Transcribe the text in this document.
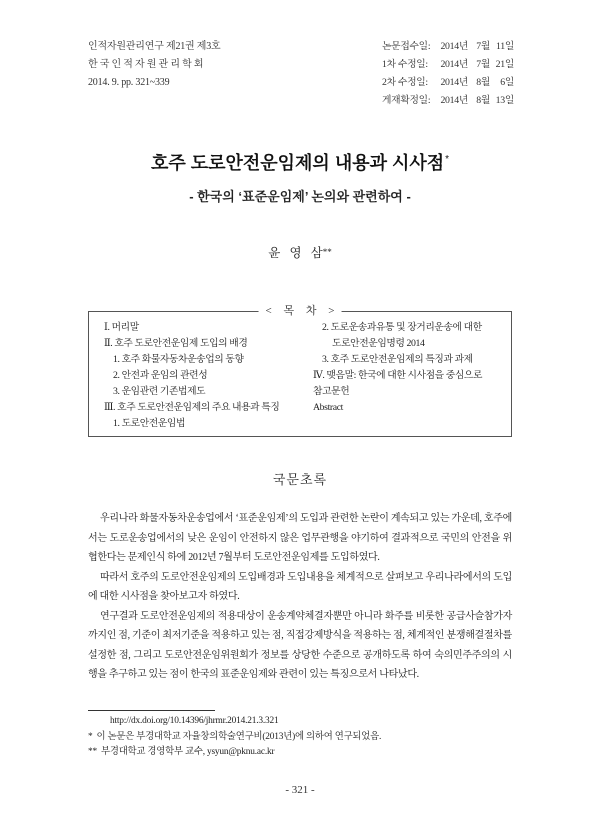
인적자원관리연구 제21권 제3호
한 국 인 적 자 원 관 리 학 회
2014. 9. pp. 321~339
논문접수일: 2014년 7월 11일
1차 수정일: 2014년 7월 21일
2차 수정일: 2014년 8월 6일
게재확정일: 2014년 8월 13일
호주 도로안전운임제의 내용과 시사점*
- 한국의 ‘표준운임제’ 논의와 관련하여 -
윤 영 삼**
< 목 차 >
Ⅰ. 머리말
Ⅱ. 호주 도로안전운임제 도입의 배경
1. 호주 화물자동차운송업의 동향
2. 안전과 운임의 관련성
3. 운임관련 기존법제도
Ⅲ. 호주 도로안전운임제의 주요 내용과 특징
1. 도로안전운임법
2. 도로운송과유통 및 장거리운송에 대한
도로안전운임명령 2014
3. 호주 도로안전운임제의 특징과 과제
Ⅳ. 맺음말: 한국에 대한 시사점을 중심으로
참고문헌
Abstract
국문초록

우리나라 화물자동차운송업에서 ‘표준운임제’의 도입과 관련한 논란이 계속되고 있는 가운데, 호주에서는 도로운송업에서의 낮은 운임이 안전하지 않은 업무관행을 야기하여 결과적으로 국민의 안전을 위협한다는 문제인식 하에 2012년 7월부터 도로안전운임제를 도입하였다.

따라서 호주의 도로안전운임제의 도입배경과 도입내용을 체계적으로 살펴보고 우리나라에서의 도입에 대한 시사점을 찾아보고자 하였다.

연구결과 도로안전운임제의 적용대상이 운송계약체결자뿐만 아니라 화주를 비롯한 공급사슬참가자까지인 점, 기준이 최저기준을 적용하고 있는 점, 직접강제방식을 적용하는 점, 체계적인 분쟁해결절차를 설정한 점, 그리고 도로안전운임위원회가 정보를 상당한 수준으로 공개하도록 하여 숙의민주주의의 시행을 추구하고 있는 점이 한국의 표준운임제와 관련이 있는 특징으로서 나타났다.

http://dx.doi.org/10.14396/jhrmr.2014.21.3.321
* 이 논문은 부경대학교 자율창의학술연구비(2013년)에 의하여 연구되었음.
** 부경대학교 경영학부 교수, ysyun@pknu.ac.kr
- 321 -
